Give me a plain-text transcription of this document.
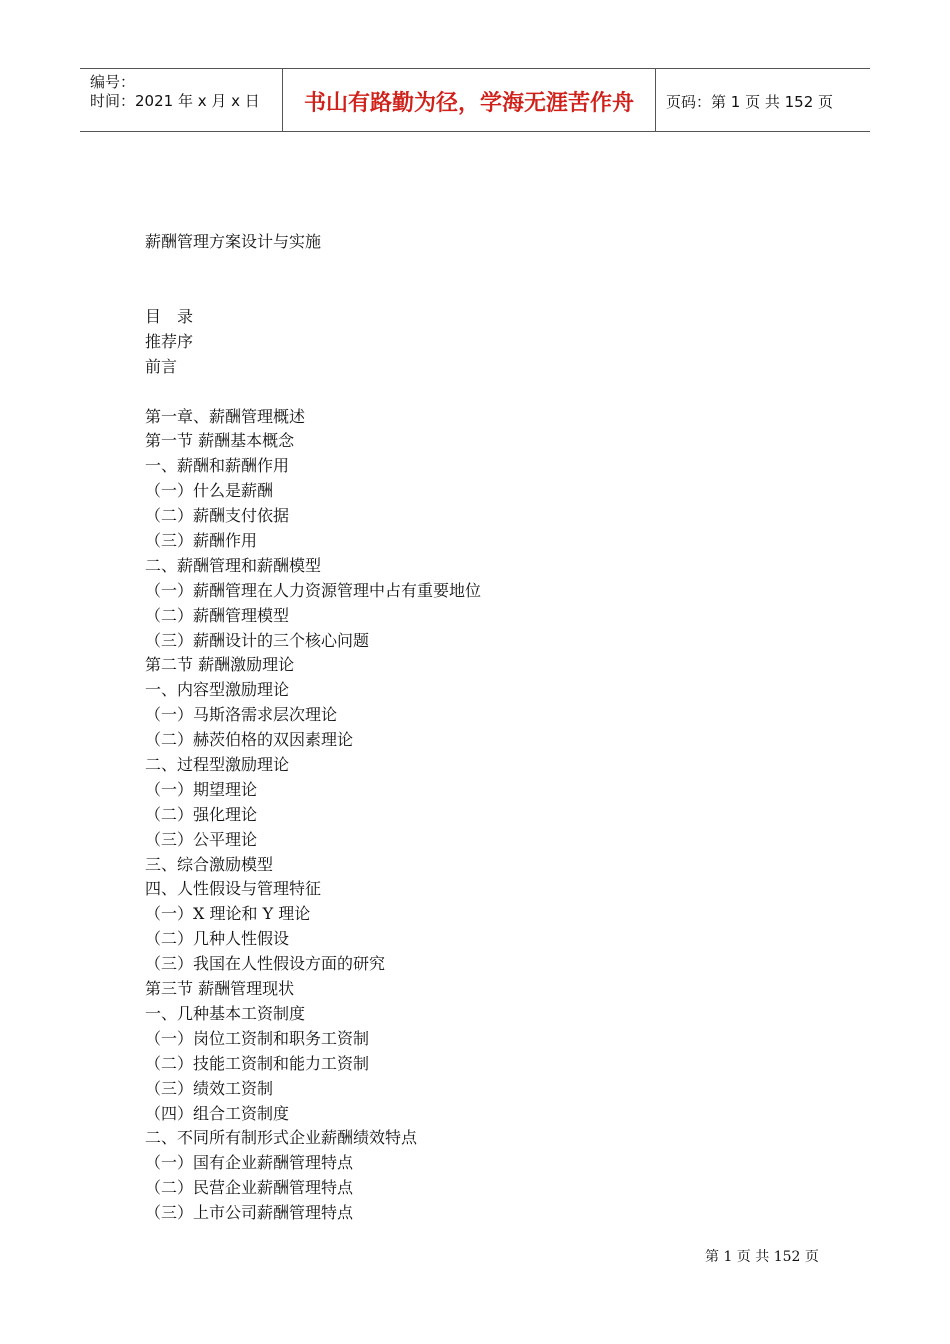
编号：
时间：2021 年 x 月 x 日	书山有路勤为径，学海无涯苦作舟	页码：第 1 页 共 152 页
薪酬管理方案设计与实施
目　录
推荐序
前言
第一章、薪酬管理概述
第一节 薪酬基本概念
一、薪酬和薪酬作用
（一）什么是薪酬
（二）薪酬支付依据
（三）薪酬作用
二、薪酬管理和薪酬模型
（一）薪酬管理在人力资源管理中占有重要地位
（二）薪酬管理模型
（三）薪酬设计的三个核心问题
第二节 薪酬激励理论
一、内容型激励理论
（一）马斯洛需求层次理论
（二）赫茨伯格的双因素理论
二、过程型激励理论
（一）期望理论
（二）强化理论
（三）公平理论
三、综合激励模型
四、人性假设与管理特征
（一）X 理论和 Y 理论
（二）几种人性假设
（三）我国在人性假设方面的研究
第三节 薪酬管理现状
一、几种基本工资制度
（一）岗位工资制和职务工资制
（二）技能工资制和能力工资制
（三）绩效工资制
（四）组合工资制度
二、不同所有制形式企业薪酬绩效特点
（一）国有企业薪酬管理特点
（二）民营企业薪酬管理特点
（三）上市公司薪酬管理特点
第 1 页 共 152 页
